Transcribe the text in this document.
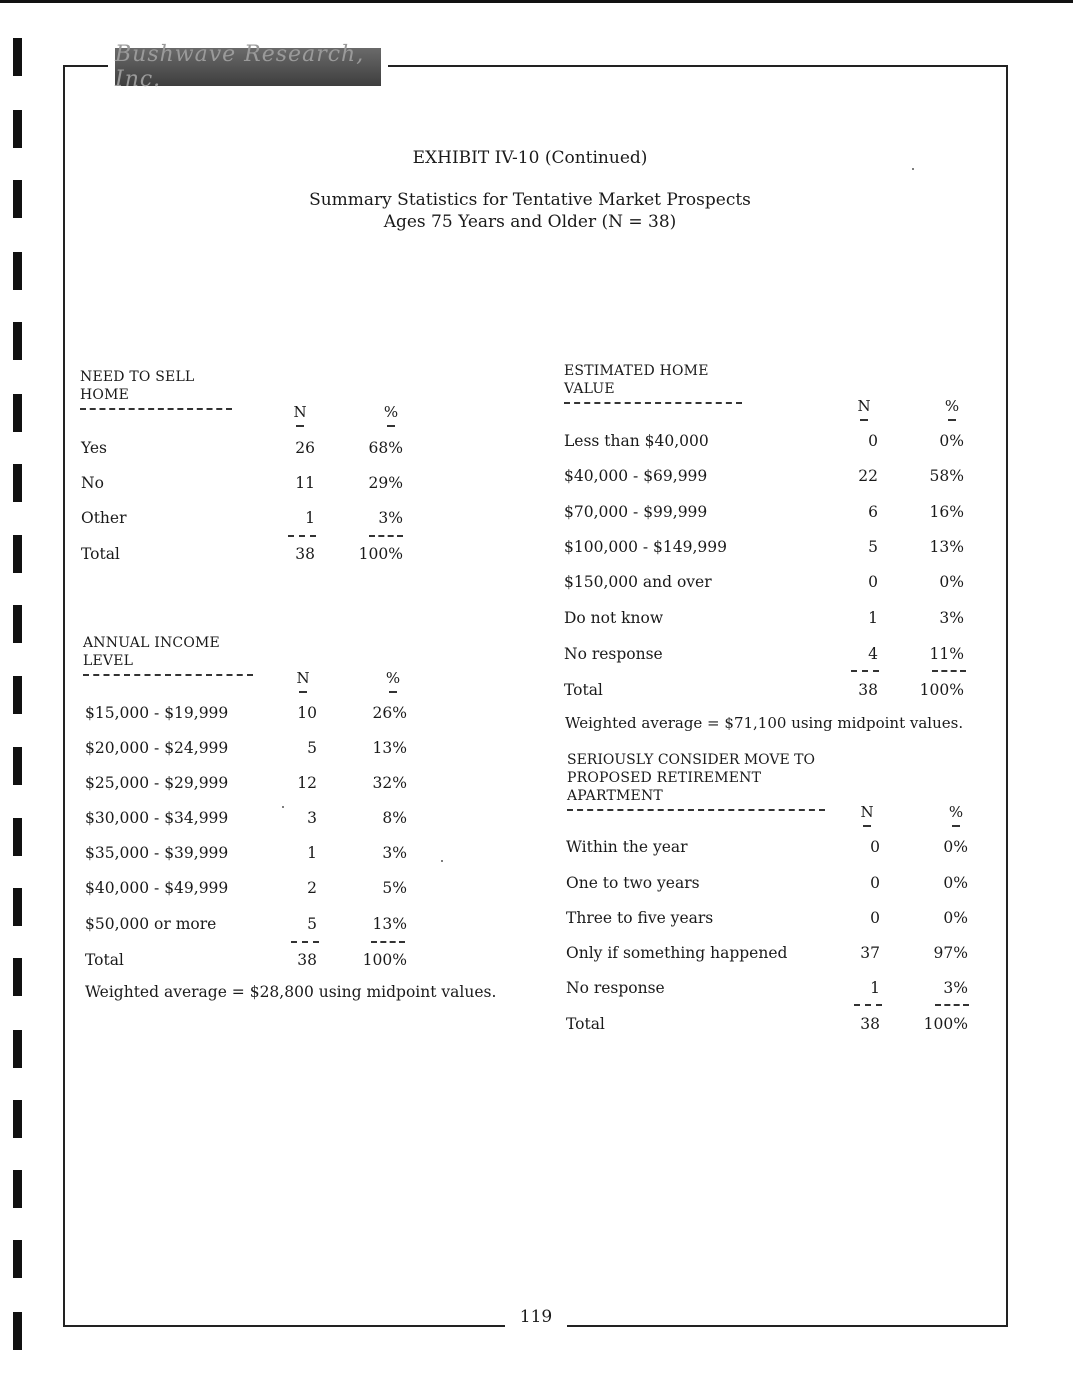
Bushwave Research, Inc.
EXHIBIT IV-10 (Continued)
Summary Statistics for Tentative Market Prospects
Ages 75 Years and Older (N = 38)
NEED TO SELL HOME
N	%
Yes	26	68%
No	11	29%
Other	1	3%
Total	38	100%
ANNUAL INCOME LEVEL
N	%
$15,000 - $19,999	10	26%
$20,000 - $24,999	5	13%
$25,000 - $29,999	12	32%
$30,000 - $34,999	3	8%
$35,000 - $39,999	1	3%
$40,000 - $49,999	2	5%
$50,000 or more	5	13%
Total	38	100%
Weighted average = $28,800 using midpoint values.
ESTIMATED HOME VALUE
N	%
Less than $40,000	0	0%
$40,000 - $69,999	22	58%
$70,000 - $99,999	6	16%
$100,000 - $149,999	5	13%
$150,000 and over	0	0%
Do not know	1	3%
No response	4	11%
Total	38	100%
Weighted average = $71,100 using midpoint values.
SERIOUSLY CONSIDER MOVE TO
PROPOSED RETIREMENT APARTMENT
N	%
Within the year	0	0%
One to two years	0	0%
Three to five years	0	0%
Only if something happened	37	97%
No response	1	3%
Total	38	100%
119
